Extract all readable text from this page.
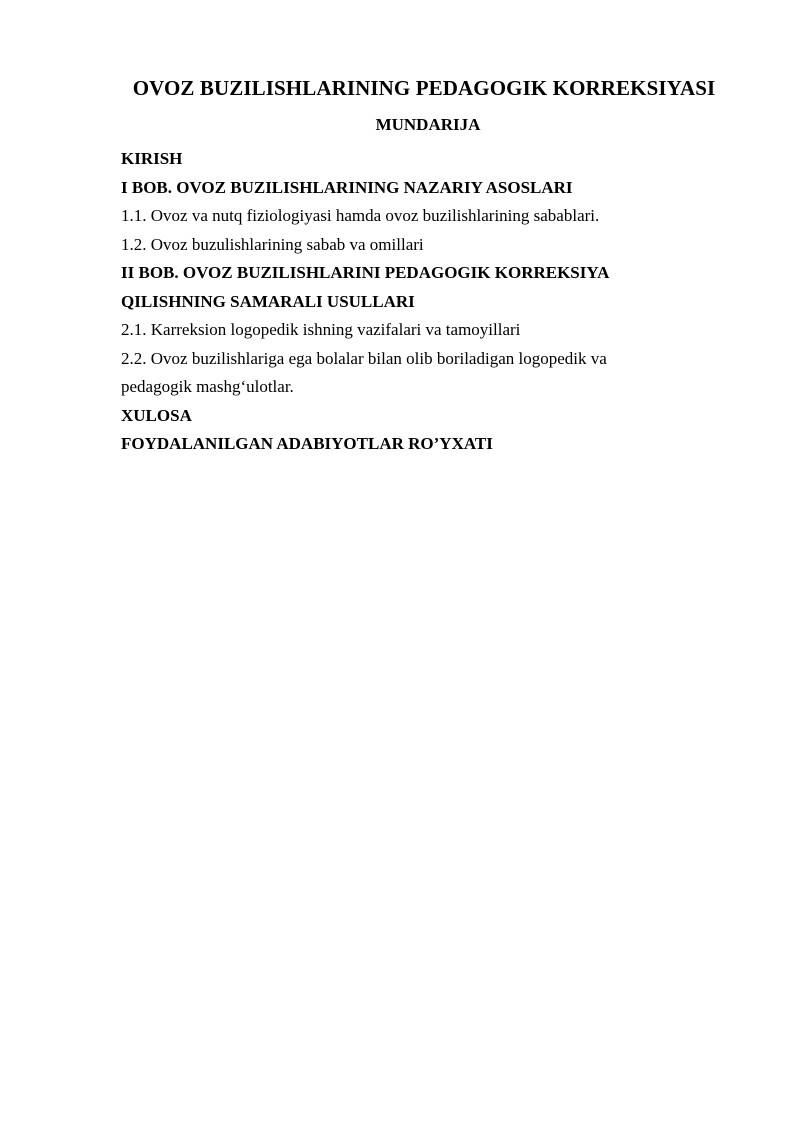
OVOZ BUZILISHLARINING PEDAGOGIK KORREKSIYASI
MUNDARIJA
KIRISH
I BOB. OVOZ BUZILISHLARINING NAZARIY ASOSLARI
1.1. Ovoz va nutq fiziologiyasi hamda ovoz buzilishlarining sabablari.
1.2. Ovoz buzulishlarining sabab va omillari
II BOB. OVOZ BUZILISHLARINI PEDAGOGIK KORREKSIYA
QILISHNING SAMARALI USULLARI
2.1. Karreksion logopedik ishning vazifalari va tamoyillari
2.2. Ovoz buzilishlariga ega bolalar bilan olib boriladigan logopedik va
pedagogik mashg‘ulotlar.
XULOSA
FOYDALANILGAN ADABIYOTLAR RO’YXATI
